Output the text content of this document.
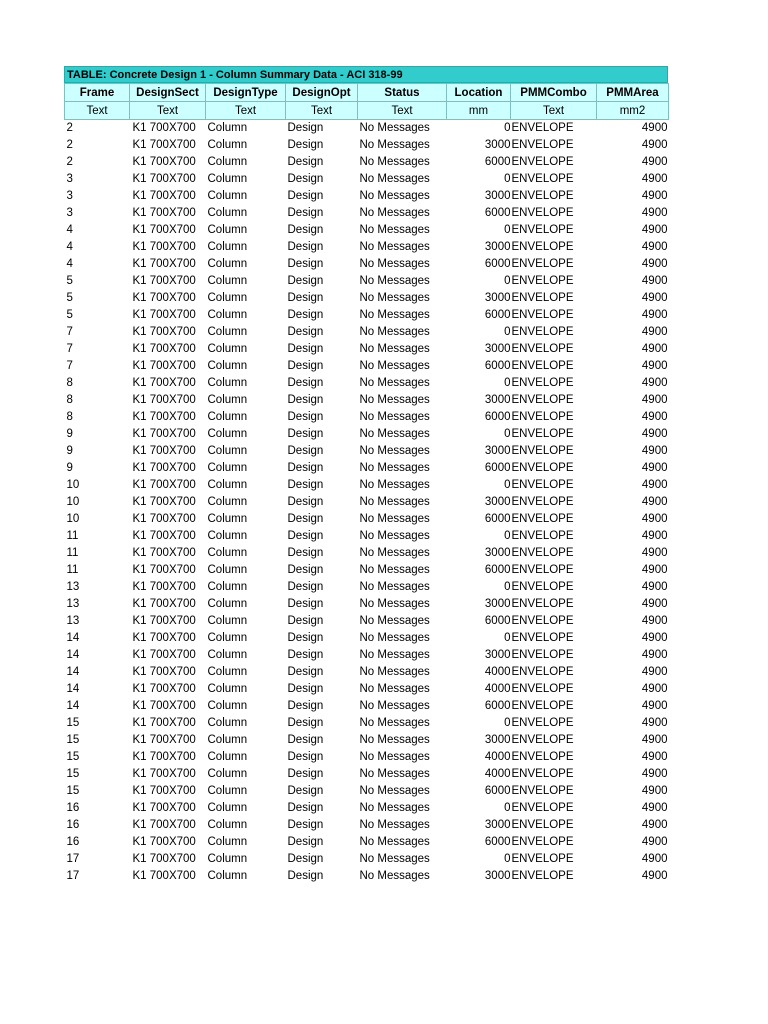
TABLE: Concrete Design 1 - Column Summary Data - ACI 318-99
Frame	DesignSect	DesignType	DesignOpt	Status	Location	PMMCombo	PMMArea
Text	Text	Text	Text	Text	mm	Text	mm2
2	K1 700X700	Column	Design	No Messages	0	ENVELOPE	4900
2	K1 700X700	Column	Design	No Messages	3000	ENVELOPE	4900
2	K1 700X700	Column	Design	No Messages	6000	ENVELOPE	4900
3	K1 700X700	Column	Design	No Messages	0	ENVELOPE	4900
3	K1 700X700	Column	Design	No Messages	3000	ENVELOPE	4900
3	K1 700X700	Column	Design	No Messages	6000	ENVELOPE	4900
4	K1 700X700	Column	Design	No Messages	0	ENVELOPE	4900
4	K1 700X700	Column	Design	No Messages	3000	ENVELOPE	4900
4	K1 700X700	Column	Design	No Messages	6000	ENVELOPE	4900
5	K1 700X700	Column	Design	No Messages	0	ENVELOPE	4900
5	K1 700X700	Column	Design	No Messages	3000	ENVELOPE	4900
5	K1 700X700	Column	Design	No Messages	6000	ENVELOPE	4900
7	K1 700X700	Column	Design	No Messages	0	ENVELOPE	4900
7	K1 700X700	Column	Design	No Messages	3000	ENVELOPE	4900
7	K1 700X700	Column	Design	No Messages	6000	ENVELOPE	4900
8	K1 700X700	Column	Design	No Messages	0	ENVELOPE	4900
8	K1 700X700	Column	Design	No Messages	3000	ENVELOPE	4900
8	K1 700X700	Column	Design	No Messages	6000	ENVELOPE	4900
9	K1 700X700	Column	Design	No Messages	0	ENVELOPE	4900
9	K1 700X700	Column	Design	No Messages	3000	ENVELOPE	4900
9	K1 700X700	Column	Design	No Messages	6000	ENVELOPE	4900
10	K1 700X700	Column	Design	No Messages	0	ENVELOPE	4900
10	K1 700X700	Column	Design	No Messages	3000	ENVELOPE	4900
10	K1 700X700	Column	Design	No Messages	6000	ENVELOPE	4900
11	K1 700X700	Column	Design	No Messages	0	ENVELOPE	4900
11	K1 700X700	Column	Design	No Messages	3000	ENVELOPE	4900
11	K1 700X700	Column	Design	No Messages	6000	ENVELOPE	4900
13	K1 700X700	Column	Design	No Messages	0	ENVELOPE	4900
13	K1 700X700	Column	Design	No Messages	3000	ENVELOPE	4900
13	K1 700X700	Column	Design	No Messages	6000	ENVELOPE	4900
14	K1 700X700	Column	Design	No Messages	0	ENVELOPE	4900
14	K1 700X700	Column	Design	No Messages	3000	ENVELOPE	4900
14	K1 700X700	Column	Design	No Messages	4000	ENVELOPE	4900
14	K1 700X700	Column	Design	No Messages	4000	ENVELOPE	4900
14	K1 700X700	Column	Design	No Messages	6000	ENVELOPE	4900
15	K1 700X700	Column	Design	No Messages	0	ENVELOPE	4900
15	K1 700X700	Column	Design	No Messages	3000	ENVELOPE	4900
15	K1 700X700	Column	Design	No Messages	4000	ENVELOPE	4900
15	K1 700X700	Column	Design	No Messages	4000	ENVELOPE	4900
15	K1 700X700	Column	Design	No Messages	6000	ENVELOPE	4900
16	K1 700X700	Column	Design	No Messages	0	ENVELOPE	4900
16	K1 700X700	Column	Design	No Messages	3000	ENVELOPE	4900
16	K1 700X700	Column	Design	No Messages	6000	ENVELOPE	4900
17	K1 700X700	Column	Design	No Messages	0	ENVELOPE	4900
17	K1 700X700	Column	Design	No Messages	3000	ENVELOPE	4900
